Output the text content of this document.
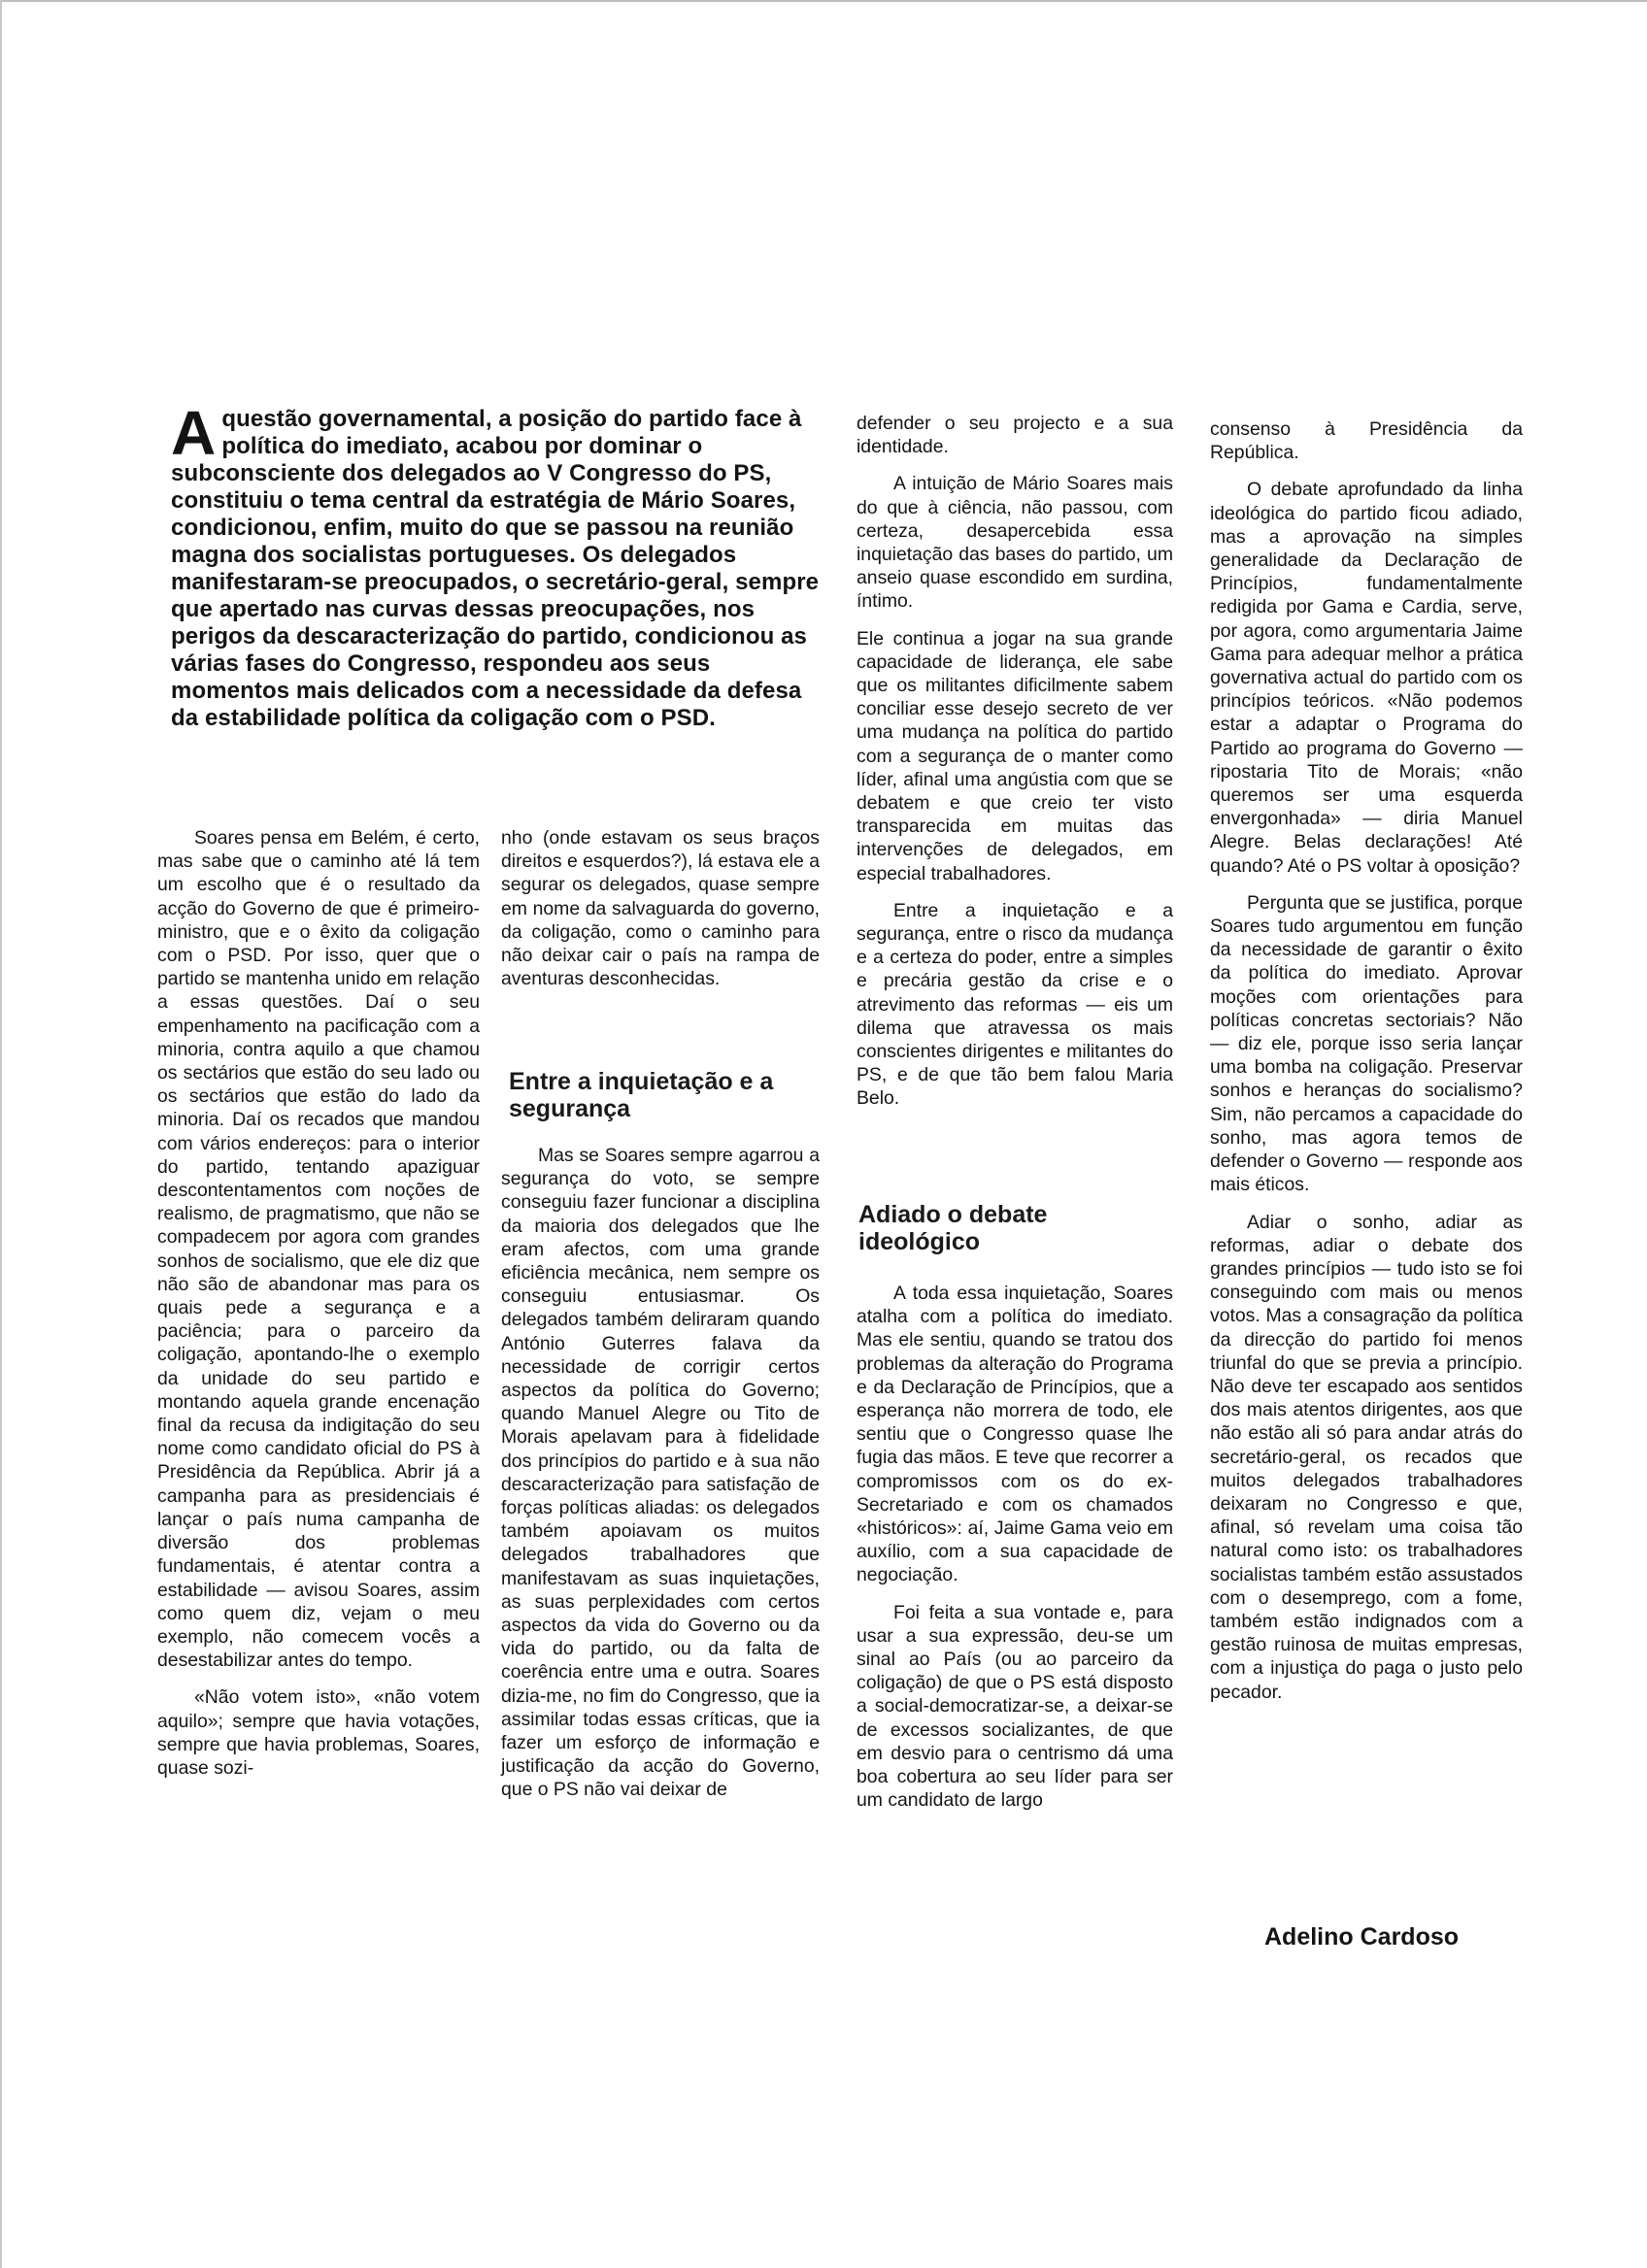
A questão governamental, a posição do partido face à política do imediato, acabou por dominar o subconsciente dos delegados ao V Congresso do PS, constituiu o tema central da estratégia de Mário Soares, condicionou, enfim, muito do que se passou na reunião magna dos socialistas portugueses. Os delegados manifestaram-se preocupados, o secretário-geral, sempre que apertado nas curvas dessas preocupações, nos perigos da descaracterização do partido, condicionou as várias fases do Congresso, respondeu aos seus momentos mais delicados com a necessidade da defesa da estabilidade política da coligação com o PSD.

Soares pensa em Belém, é certo, mas sabe que o caminho até lá tem um escolho que é o resultado da acção do Governo de que é primeiro-ministro, que e o êxito da coligação com o PSD. Por isso, quer que o partido se mantenha unido em relação a essas questões. Daí o seu empenhamento na pacificação com a minoria, contra aquilo a que chamou os sectários que estão do seu lado ou os sectários que estão do lado da minoria. Daí os recados que mandou com vários endereços: para o interior do partido, tentando apaziguar descontentamentos com noções de realismo, de pragmatismo, que não se compadecem por agora com grandes sonhos de socialismo, que ele diz que não são de abandonar mas para os quais pede a segurança e a paciência; para o parceiro da coligação, apontando-lhe o exemplo da unidade do seu partido e montando aquela grande encenação final da recusa da indigitação do seu nome como candidato oficial do PS à Presidência da República. Abrir já a campanha para as presidenciais é lançar o país numa campanha de diversão dos problemas fundamentais, é atentar contra a estabilidade — avisou Soares, assim como quem diz, vejam o meu exemplo, não comecem vocês a desestabilizar antes do tempo.

«Não votem isto», «não votem aquilo»; sempre que havia votações, sempre que havia problemas, Soares, quase sozi-

nho (onde estavam os seus braços direitos e esquerdos?), lá estava ele a segurar os delegados, quase sempre em nome da salvaguarda do governo, da coligação, como o caminho para não deixar cair o país na rampa de aventuras desconhecidas.

Entre a inquietação e a segurança

Mas se Soares sempre agarrou a segurança do voto, se sempre conseguiu fazer funcionar a disciplina da maioria dos delegados que lhe eram afectos, com uma grande eficiência mecânica, nem sempre os conseguiu entusiasmar. Os delegados também deliraram quando António Guterres falava da necessidade de corrigir certos aspectos da política do Governo; quando Manuel Alegre ou Tito de Morais apelavam para à fidelidade dos princípios do partido e à sua não descaracterização para satisfação de forças políticas aliadas: os delegados também apoiavam os muitos delegados trabalhadores que manifestavam as suas inquietações, as suas perplexidades com certos aspectos da vida do Governo ou da vida do partido, ou da falta de coerência entre uma e outra. Soares dizia-me, no fim do Congresso, que ia assimilar todas essas críticas, que ia fazer um esforço de informação e justificação da acção do Governo, que o PS não vai deixar de

defender o seu projecto e a sua identidade.

A intuição de Mário Soares mais do que à ciência, não passou, com certeza, desapercebida essa inquietação das bases do partido, um anseio quase escondido em surdina, íntimo.

Ele continua a jogar na sua grande capacidade de liderança, ele sabe que os militantes dificilmente sabem conciliar esse desejo secreto de ver uma mudança na política do partido com a segurança de o manter como líder, afinal uma angústia com que se debatem e que creio ter visto transparecida em muitas das intervenções de delegados, em especial trabalhadores.

Entre a inquietação e a segurança, entre o risco da mudança e a certeza do poder, entre a simples e precária gestão da crise e o atrevimento das reformas — eis um dilema que atravessa os mais conscientes dirigentes e militantes do PS, e de que tão bem falou Maria Belo.

Adiado o debate ideológico

A toda essa inquietação, Soares atalha com a política do imediato. Mas ele sentiu, quando se tratou dos problemas da alteração do Programa e da Declaração de Princípios, que a esperança não morrera de todo, ele sentiu que o Congresso quase lhe fugia das mãos. E teve que recorrer a compromissos com os do ex-Secretariado e com os chamados «históricos»: aí, Jaime Gama veio em auxílio, com a sua capacidade de negociação.

Foi feita a sua vontade e, para usar a sua expressão, deu-se um sinal ao País (ou ao parceiro da coligação) de que o PS está disposto a social-democratizar-se, a deixar-se de excessos socializantes, de que em desvio para o centrismo dá uma boa cobertura ao seu líder para ser um candidato de largo

consenso à Presidência da República.

O debate aprofundado da linha ideológica do partido ficou adiado, mas a aprovação na simples generalidade da Declaração de Princípios, fundamentalmente redigida por Gama e Cardia, serve, por agora, como argumentaria Jaime Gama para adequar melhor a prática governativa actual do partido com os princípios teóricos. «Não podemos estar a adaptar o Programa do Partido ao programa do Governo — ripostaria Tito de Morais; «não queremos ser uma esquerda envergonhada» — diria Manuel Alegre. Belas declarações! Até quando? Até o PS voltar à oposição?

Pergunta que se justifica, porque Soares tudo argumentou em função da necessidade de garantir o êxito da política do imediato. Aprovar moções com orientações para políticas concretas sectoriais? Não — diz ele, porque isso seria lançar uma bomba na coligação. Preservar sonhos e heranças do socialismo? Sim, não percamos a capacidade do sonho, mas agora temos de defender o Governo — responde aos mais éticos.

Adiar o sonho, adiar as reformas, adiar o debate dos grandes princípios — tudo isto se foi conseguindo com mais ou menos votos. Mas a consagração da política da direcção do partido foi menos triunfal do que se previa a princípio. Não deve ter escapado aos sentidos dos mais atentos dirigentes, aos que não estão ali só para andar atrás do secretário-geral, os recados que muitos delegados trabalhadores deixaram no Congresso e que, afinal, só revelam uma coisa tão natural como isto: os trabalhadores socialistas também estão assustados com o desemprego, com a fome, também estão indignados com a gestão ruinosa de muitas empresas, com a injustiça do paga o justo pelo pecador.

Adelino Cardoso
